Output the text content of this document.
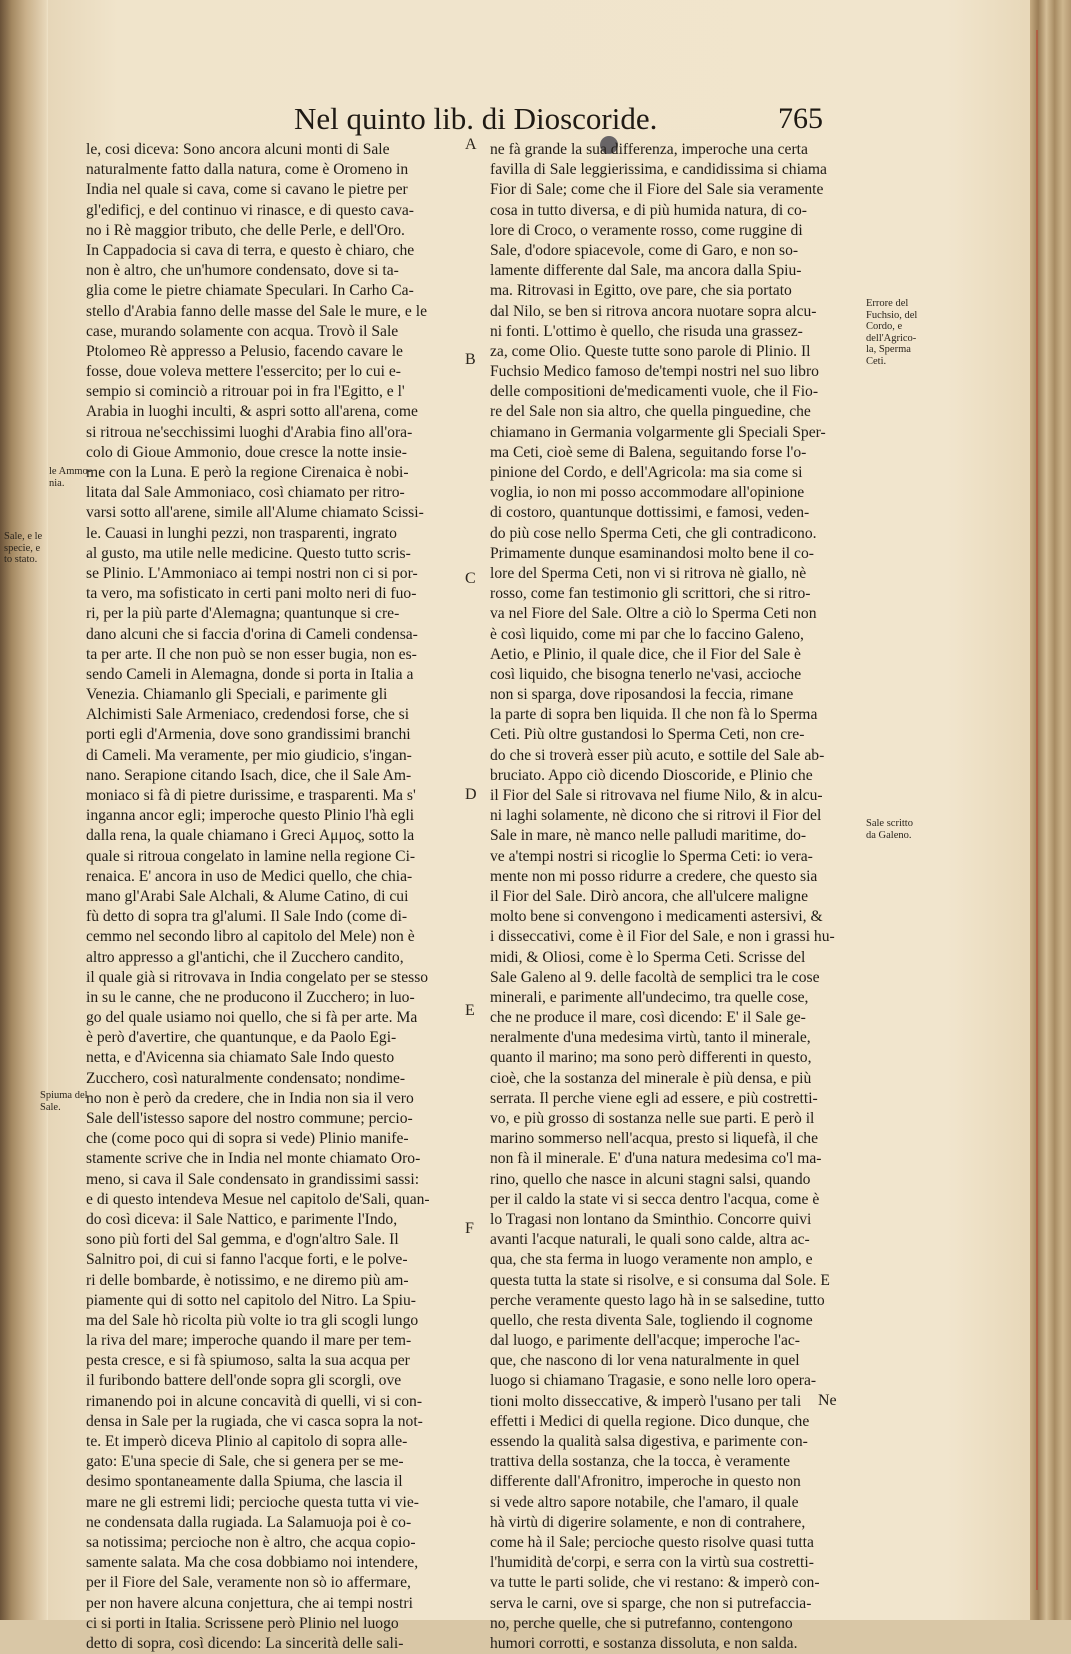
Nel quinto lib. di Dioscoride.	765
le, cosi diceva: Sono ancora alcuni monti di Sale
naturalmente fatto dalla natura, come è Oromeno in
India nel quale si cava, come si cavano le pietre per
gl'edificj, e del continuo vi rinasce, e di questo cava-
no i Rè maggior tributo, che delle Perle, e dell'Oro.
In Cappadocia si cava di terra, e questo è chiaro, che
non è altro, che un'humore condensato, dove si ta-
glia come le pietre chiamate Speculari. In Carho Ca-
stello d'Arabia fanno delle masse del Sale le mure, e le
case, murando solamente con acqua. Trovò il Sale
Ptolomeo Rè appresso a Pelusio, facendo cavare le
fosse, doue voleva mettere l'essercito; per lo cui e-
sempio si cominciò a ritrouar poi in fra l'Egitto, e l'
Arabia in luoghi inculti, & aspri sotto all'arena, come
si ritroua ne'secchissimi luoghi d'Arabia fino all'ora-
colo di Gioue Ammonio, doue cresce la notte insie-
me con la Luna. E però la regione Cirenaica è nobi-
litata dal Sale Ammoniaco, così chiamato per ritro-
varsi sotto all'arene, simile all'Alume chiamato Scissi-
le. Cauasi in lunghi pezzi, non trasparenti, ingrato
al gusto, ma utile nelle medicine. Questo tutto scris-
se Plinio. L'Ammoniaco ai tempi nostri non ci si por-
ta vero, ma sofisticato in certi pani molto neri di fuo-
ri, per la più parte d'Alemagna; quantunque si cre-
dano alcuni che si faccia d'orina di Cameli condensa-
ta per arte. Il che non può se non esser bugia, non es-
sendo Cameli in Alemagna, donde si porta in Italia a
Venezia. Chiamanlo gli Speciali, e parimente gli
Alchimisti Sale Armeniaco, credendosi forse, che si
porti egli d'Armenia, dove sono grandissimi branchi
di Cameli. Ma veramente, per mio giudicio, s'ingan-
nano. Serapione citando Isach, dice, che il Sale Am-
moniaco si fà di pietre durissime, e trasparenti. Ma s'
inganna ancor egli; imperoche questo Plinio l'hà egli
dalla rena, la quale chiamano i Greci Αμμος, sotto la
quale si ritroua congelato in lamine nella regione Ci-
renaica. E' ancora in uso de Medici quello, che chia-
mano gl'Arabi Sale Alchali, & Alume Catino, di cui
fù detto di sopra tra gl'alumi. Il Sale Indo (come di-
cemmo nel secondo libro al capitolo del Mele) non è
altro appresso a gl'antichi, che il Zucchero candito,
il quale già si ritrovava in India congelato per se stesso
in su le canne, che ne producono il Zucchero; in luo-
go del quale usiamo noi quello, che si fà per arte. Ma
è però d'avertire, che quantunque, e da Paolo Egi-
netta, e d'Avicenna sia chiamato Sale Indo questo
Zucchero, così naturalmente condensato; nondime-
no non è però da credere, che in India non sia il vero
Sale dell'istesso sapore del nostro commune; percio-
che (come poco qui di sopra si vede) Plinio manife-
stamente scrive che in India nel monte chiamato Oro-
meno, si cava il Sale condensato in grandissimi sassi:
e di questo intendeva Mesue nel capitolo de'Sali, quan-
do così diceva: il Sale Nattico, e parimente l'Indo,
sono più forti del Sal gemma, e d'ogn'altro Sale. Il
Salnitro poi, di cui si fanno l'acque forti, e le polve-
ri delle bombarde, è notissimo, e ne diremo più am-
piamente qui di sotto nel capitolo del Nitro. La Spiu-
ma del Sale hò ricolta più volte io tra gli scogli lungo
la riva del mare; imperoche quando il mare per tem-
pesta cresce, e si fà spiumoso, salta la sua acqua per
il furibondo battere dell'onde sopra gli scorgli, ove
rimanendo poi in alcune concavità di quelli, vi si con-
densa in Sale per la rugiada, che vi casca sopra la not-
te. Et imperò diceva Plinio al capitolo di sopra alle-
gato: E'una specie di Sale, che si genera per se me-
desimo spontaneamente dalla Spiuma, che lascia il
mare ne gli estremi lidi; percioche questa tutta vi vie-
ne condensata dalla rugiada. La Salamuoja poi è co-
sa notissima; percioche non è altro, che acqua copio-
samente salata. Ma che cosa dobbiamo noi intendere,
per il Fiore del Sale, veramente non sò io affermare,
per non havere alcuna conjettura, che ai tempi nostri
ci si porti in Italia. Scrissene però Plinio nel luogo
detto di sopra, così dicendo: La sincerità delle sali-
ne fà grande la sua differenza, imperoche una certa
favilla di Sale leggierissima, e candidissima si chiama
Fior di Sale; come che il Fiore del Sale sia veramente
cosa in tutto diversa, e di più humida natura, di co-
lore di Croco, o veramente rosso, come ruggine di
Sale, d'odore spiacevole, come di Garo, e non so-
lamente differente dal Sale, ma ancora dalla Spiu-
ma. Ritrovasi in Egitto, ove pare, che sia portato
dal Nilo, se ben si ritrova ancora nuotare sopra alcu-
ni fonti. L'ottimo è quello, che risuda una grassez-
za, come Olio. Queste tutte sono parole di Plinio. Il
Fuchsio Medico famoso de'tempi nostri nel suo libro
delle compositioni de'medicamenti vuole, che il Fio-
re del Sale non sia altro, che quella pinguedine, che
chiamano in Germania volgarmente gli Speciali Sper-
ma Ceti, cioè seme di Balena, seguitando forse l'o-
pinione del Cordo, e dell'Agricola: ma sia come si
voglia, io non mi posso accommodare all'opinione
di costoro, quantunque dottissimi, e famosi, veden-
do più cose nello Sperma Ceti, che gli contradicono.
Primamente dunque esaminandosi molto bene il co-
lore del Sperma Ceti, non vi si ritrova nè giallo, nè
rosso, come fan testimonio gli scrittori, che si ritro-
va nel Fiore del Sale. Oltre a ciò lo Sperma Ceti non
è così liquido, come mi par che lo faccino Galeno,
Aetio, e Plinio, il quale dice, che il Fior del Sale è
così liquido, che bisogna tenerlo ne'vasi, accioche
non si sparga, dove riposandosi la feccia, rimane
la parte di sopra ben liquida. Il che non fà lo Sperma
Ceti. Più oltre gustandosi lo Sperma Ceti, non cre-
do che si troverà esser più acuto, e sottile del Sale ab-
bruciato. Appo ciò dicendo Dioscoride, e Plinio che
il Fior del Sale si ritrovava nel fiume Nilo, & in alcu-
ni laghi solamente, nè dicono che si ritrovi il Fior del
Sale in mare, nè manco nelle palludi maritime, do-
ve a'tempi nostri si ricoglie lo Sperma Ceti: io vera-
mente non mi posso ridurre a credere, che questo sia
il Fior del Sale. Dirò ancora, che all'ulcere maligne
molto bene si convengono i medicamenti astersivi, &
i disseccativi, come è il Fior del Sale, e non i grassi hu-
midi, & Oliosi, come è lo Sperma Ceti. Scrisse del
Sale Galeno al 9. delle facoltà de semplici tra le cose
minerali, e parimente all'undecimo, tra quelle cose,
che ne produce il mare, così dicendo: E' il Sale ge-
neralmente d'una medesima virtù, tanto il minerale,
quanto il marino; ma sono però differenti in questo,
cioè, che la sostanza del minerale è più densa, e più
serrata. Il perche viene egli ad essere, e più costretti-
vo, e più grosso di sostanza nelle sue parti. E però il
marino sommerso nell'acqua, presto si liquefà, il che
non fà il minerale. E' d'una natura medesima co'l ma-
rino, quello che nasce in alcuni stagni salsi, quando
per il caldo la state vi si secca dentro l'acqua, come è
lo Tragasi non lontano da Sminthio. Concorre quivi
avanti l'acque naturali, le quali sono calde, altra ac-
qua, che sta ferma in luogo veramente non amplo, e
questa tutta la state si risolve, e si consuma dal Sole. E
perche veramente questo lago hà in se salsedine, tutto
quello, che resta diventa Sale, togliendo il cognome
dal luogo, e parimente dell'acque; imperoche l'ac-
que, che nascono di lor vena naturalmente in quel
luogo si chiamano Tragasie, e sono nelle loro opera-
tioni molto disseccative, & imperò l'usano per tali
effetti i Medici di quella regione. Dico dunque, che
essendo la qualità salsa digestiva, e parimente con-
trattiva della sostanza, che la tocca, è veramente
differente dall'Afronitro, imperoche in questo non
si vede altro sapore notabile, che l'amaro, il quale
hà virtù di digerire solamente, e non di contrahere,
come hà il Sale; percioche questo risolve quasi tutta
l'humidità de'corpi, e serra con la virtù sua costretti-
va tutte le parti solide, che vi restano: & imperò con-
serva le carni, ove si sparge, che non si putrefaccia-
no, perche quelle, che si putrefanno, contengono
humori corrotti, e sostanza dissoluta, e non salda.
A
B
C
D
E
F
le Ammo-
nia.
Sale, e le
specie, e
to stato.
Spiuma del
Sale.
Errore del
Fuchsio, del
Cordo, e
dell'Agrico-
la, Sperma
Ceti.
Sale scritto
da Galeno.
Ne
